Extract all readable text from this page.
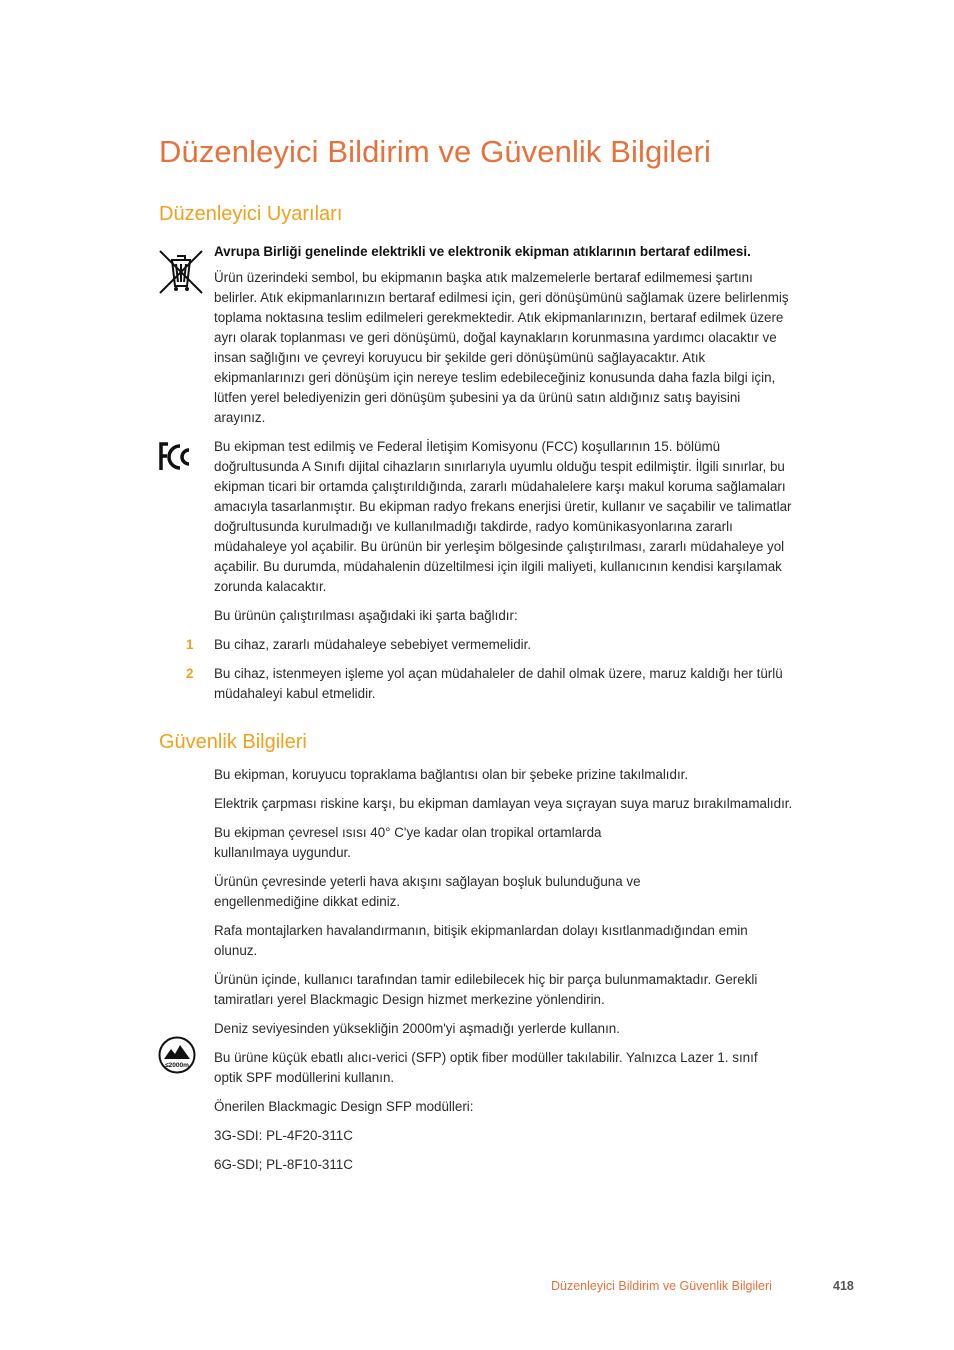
Düzenleyici Bildirim ve Güvenlik Bilgileri
Düzenleyici Uyarıları

Avrupa Birliği genelinde elektrikli ve elektronik ekipman atıklarının bertaraf edilmesi.

Ürün üzerindeki sembol, bu ekipmanın başka atık malzemelerle bertaraf edilmemesi şartını belirler. Atık ekipmanlarınızın bertaraf edilmesi için, geri dönüşümünü sağlamak üzere belirlenmiş toplama noktasına teslim edilmeleri gerekmektedir. Atık ekipmanlarınızın, bertaraf edilmek üzere ayrı olarak toplanması ve geri dönüşümü, doğal kaynakların korunmasına yardımcı olacaktır ve insan sağlığını ve çevreyi koruyucu bir şekilde geri dönüşümünü sağlayacaktır. Atık ekipmanlarınızı geri dönüşüm için nereye teslim edebileceğiniz konusunda daha fazla bilgi için, lütfen yerel belediyenizin geri dönüşüm şubesini ya da ürünü satın aldığınız satış bayisini arayınız.

Bu ekipman test edilmiş ve Federal İletişim Komisyonu (FCC) koşullarının 15. bölümü doğrultusunda A Sınıfı dijital cihazların sınırlarıyla uyumlu olduğu tespit edilmiştir. İlgili sınırlar, bu ekipman ticari bir ortamda çalıştırıldığında, zararlı müdahalelere karşı makul koruma sağlamaları amacıyla tasarlanmıştır. Bu ekipman radyo frekans enerjisi üretir, kullanır ve saçabilir ve talimatlar doğrultusunda kurulmadığı ve kullanılmadığı takdirde, radyo komünikasyonlarına zararlı müdahaleye yol açabilir. Bu ürünün bir yerleşim bölgesinde çalıştırılması, zararlı müdahaleye yol açabilir. Bu durumda, müdahalenin düzeltilmesi için ilgili maliyeti, kullanıcının kendisi karşılamak zorunda kalacaktır.

Bu ürünün çalıştırılması aşağıdaki iki şarta bağlıdır:

1 Bu cihaz, zararlı müdahaleye sebebiyet vermemelidir.
2 Bu cihaz, istenmeyen işleme yol açan müdahaleler de dahil olmak üzere, maruz kaldığı her türlü müdahaleyi kabul etmelidir.
Güvenlik Bilgileri

Bu ekipman, koruyucu topraklama bağlantısı olan bir şebeke prizine takılmalıdır.

Elektrik çarpması riskine karşı, bu ekipman damlayan veya sıçrayan suya maruz bırakılmamalıdır.

Bu ekipman çevresel ısısı 40° C'ye kadar olan tropikal ortamlarda kullanılmaya uygundur.

Ürünün çevresinde yeterli hava akışını sağlayan boşluk bulunduğuna ve engellenmediğine dikkat ediniz.

Rafa montajlarken havalandırmanın, bitişik ekipmanlardan dolayı kısıtlanmadığından emin olunuz.

Ürünün içinde, kullanıcı tarafından tamir edilebilecek hiç bir parça bulunmamaktadır. Gerekli tamiratları yerel Blackmagic Design hizmet merkezine yönlendirin.

Deniz seviyesinden yüksekliğin 2000m'yi aşmadığı yerlerde kullanın.

Bu ürüne küçük ebatlı alıcı-verici (SFP) optik fiber modüller takılabilir. Yalnızca Lazer 1. sınıf optik SPF modüllerini kullanın.

Önerilen Blackmagic Design SFP modülleri:

3G-SDI: PL-4F20-311C

6G-SDI; PL-8F10-311C

≤2000m
Düzenleyici Bildirim ve Güvenlik Bilgileri	418
